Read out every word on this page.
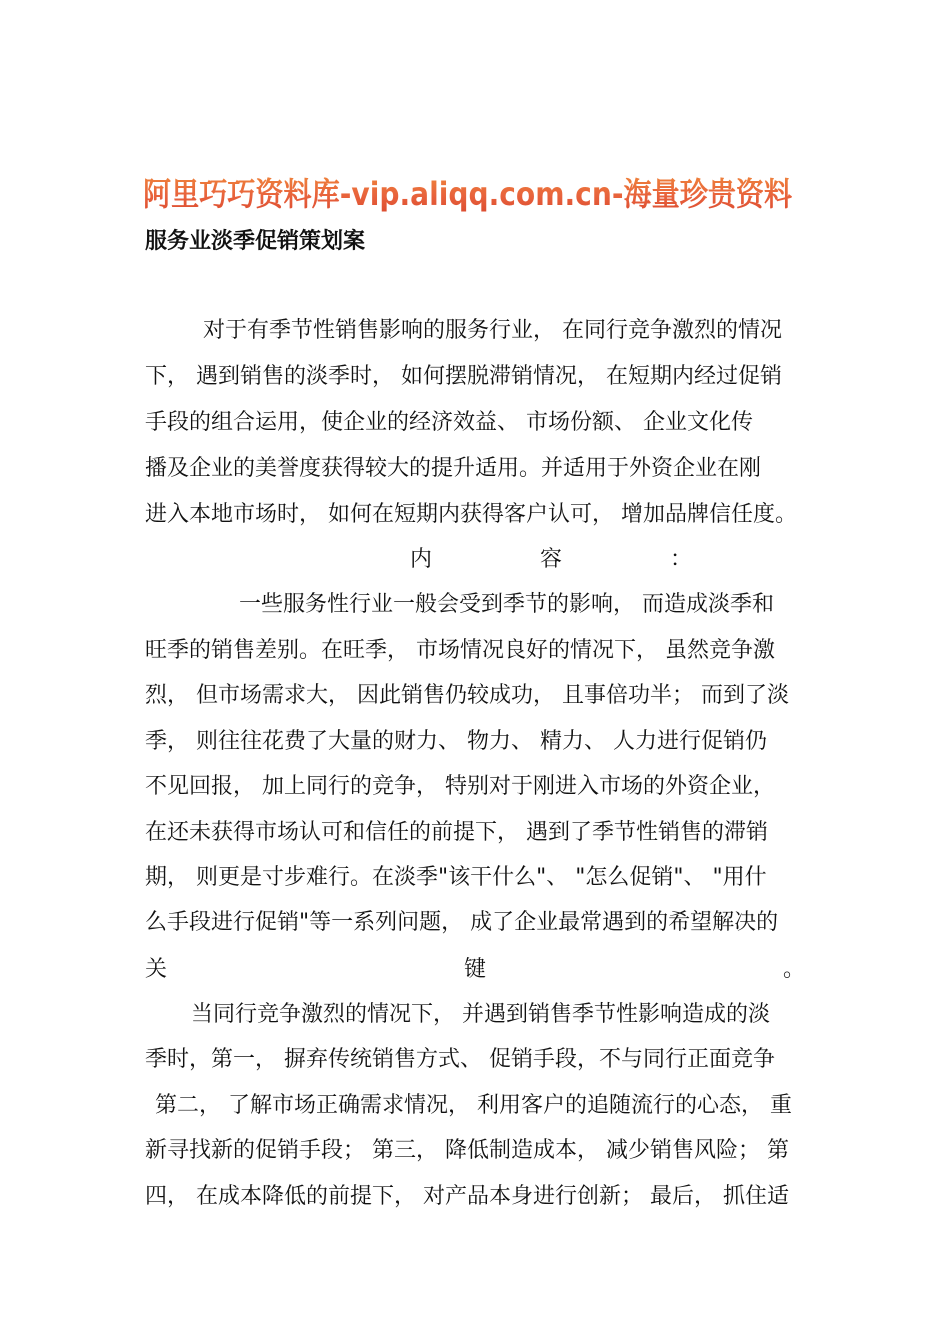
阿里巧巧资料库-vip.aliqq.com.cn-海量珍贵资料
服务业淡季促销策划案
对于有季节性销售影响的服务行业， 在同行竞争激烈的情况
下， 遇到销售的淡季时， 如何摆脱滞销情况， 在短期内经过促销
手段的组合运用，使企业的经济效益、 市场份额、 企业文化传
播及企业的美誉度获得较大的提升适用。并适用于外资企业在刚
进入本地市场时， 如何在短期内获得客户认可， 增加品牌信任度。
内	容	：
一些服务性行业一般会受到季节的影响， 而造成淡季和
旺季的销售差别。在旺季， 市场情况良好的情况下， 虽然竞争激
烈， 但市场需求大， 因此销售仍较成功， 且事倍功半； 而到了淡
季， 则往往花费了大量的财力、 物力、 精力、 人力进行促销仍
不见回报， 加上同行的竞争， 特别对于刚进入市场的外资企业，
在还未获得市场认可和信任的前提下， 遇到了季节性销售的滞销
期， 则更是寸步难行。在淡季"该干什么"、 "怎么促销"、 "用什
么手段进行促销"等一系列问题， 成了企业最常遇到的希望解决的
关	键	。
当同行竞争激烈的情况下， 并遇到销售季节性影响造成的淡
季时，第一， 摒弃传统销售方式、 促销手段，不与同行正面竞争
第二， 了解市场正确需求情况， 利用客户的追随流行的心态， 重
新寻找新的促销手段； 第三， 降低制造成本， 减少销售风险； 第
四， 在成本降低的前提下， 对产品本身进行创新； 最后， 抓住适
